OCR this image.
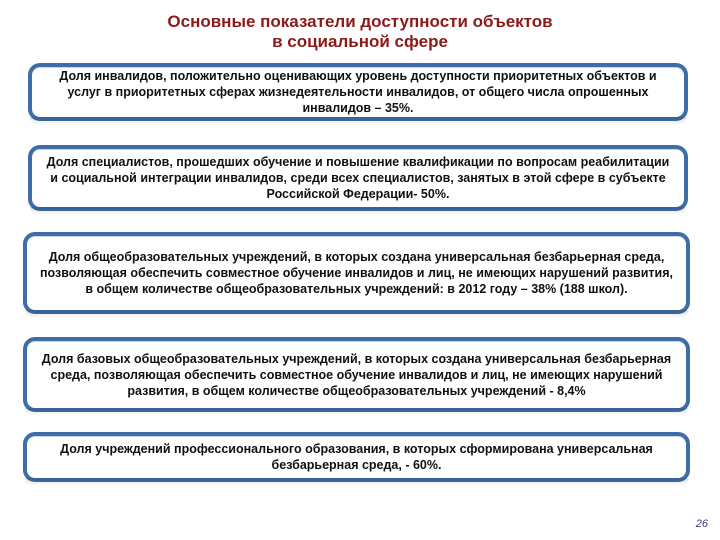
Основные показатели доступности объектов
в социальной сфере
Доля инвалидов, положительно оценивающих уровень доступности приоритетных объектов и услуг в приоритетных сферах жизнедеятельности инвалидов, от общего числа опрошенных инвалидов – 35%.
Доля специалистов, прошедших обучение и повышение квалификации по вопросам реабилитации и социальной интеграции инвалидов, среди всех специалистов, занятых в этой сфере в субъекте Российской Федерации- 50%.
Доля общеобразовательных учреждений, в которых создана универсальная безбарьерная среда, позволяющая обеспечить совместное обучение инвалидов и лиц, не имеющих нарушений развития, в общем количестве общеобразовательных учреждений: в 2012 году – 38% (188 школ).
Доля базовых общеобразовательных учреждений, в которых создана универсальная безбарьерная среда, позволяющая обеспечить совместное обучение инвалидов и лиц, не имеющих нарушений развития, в общем количестве общеобразовательных учреждений - 8,4%
Доля учреждений профессионального образования, в которых сформирована универсальная безбарьерная среда, - 60%.
26
